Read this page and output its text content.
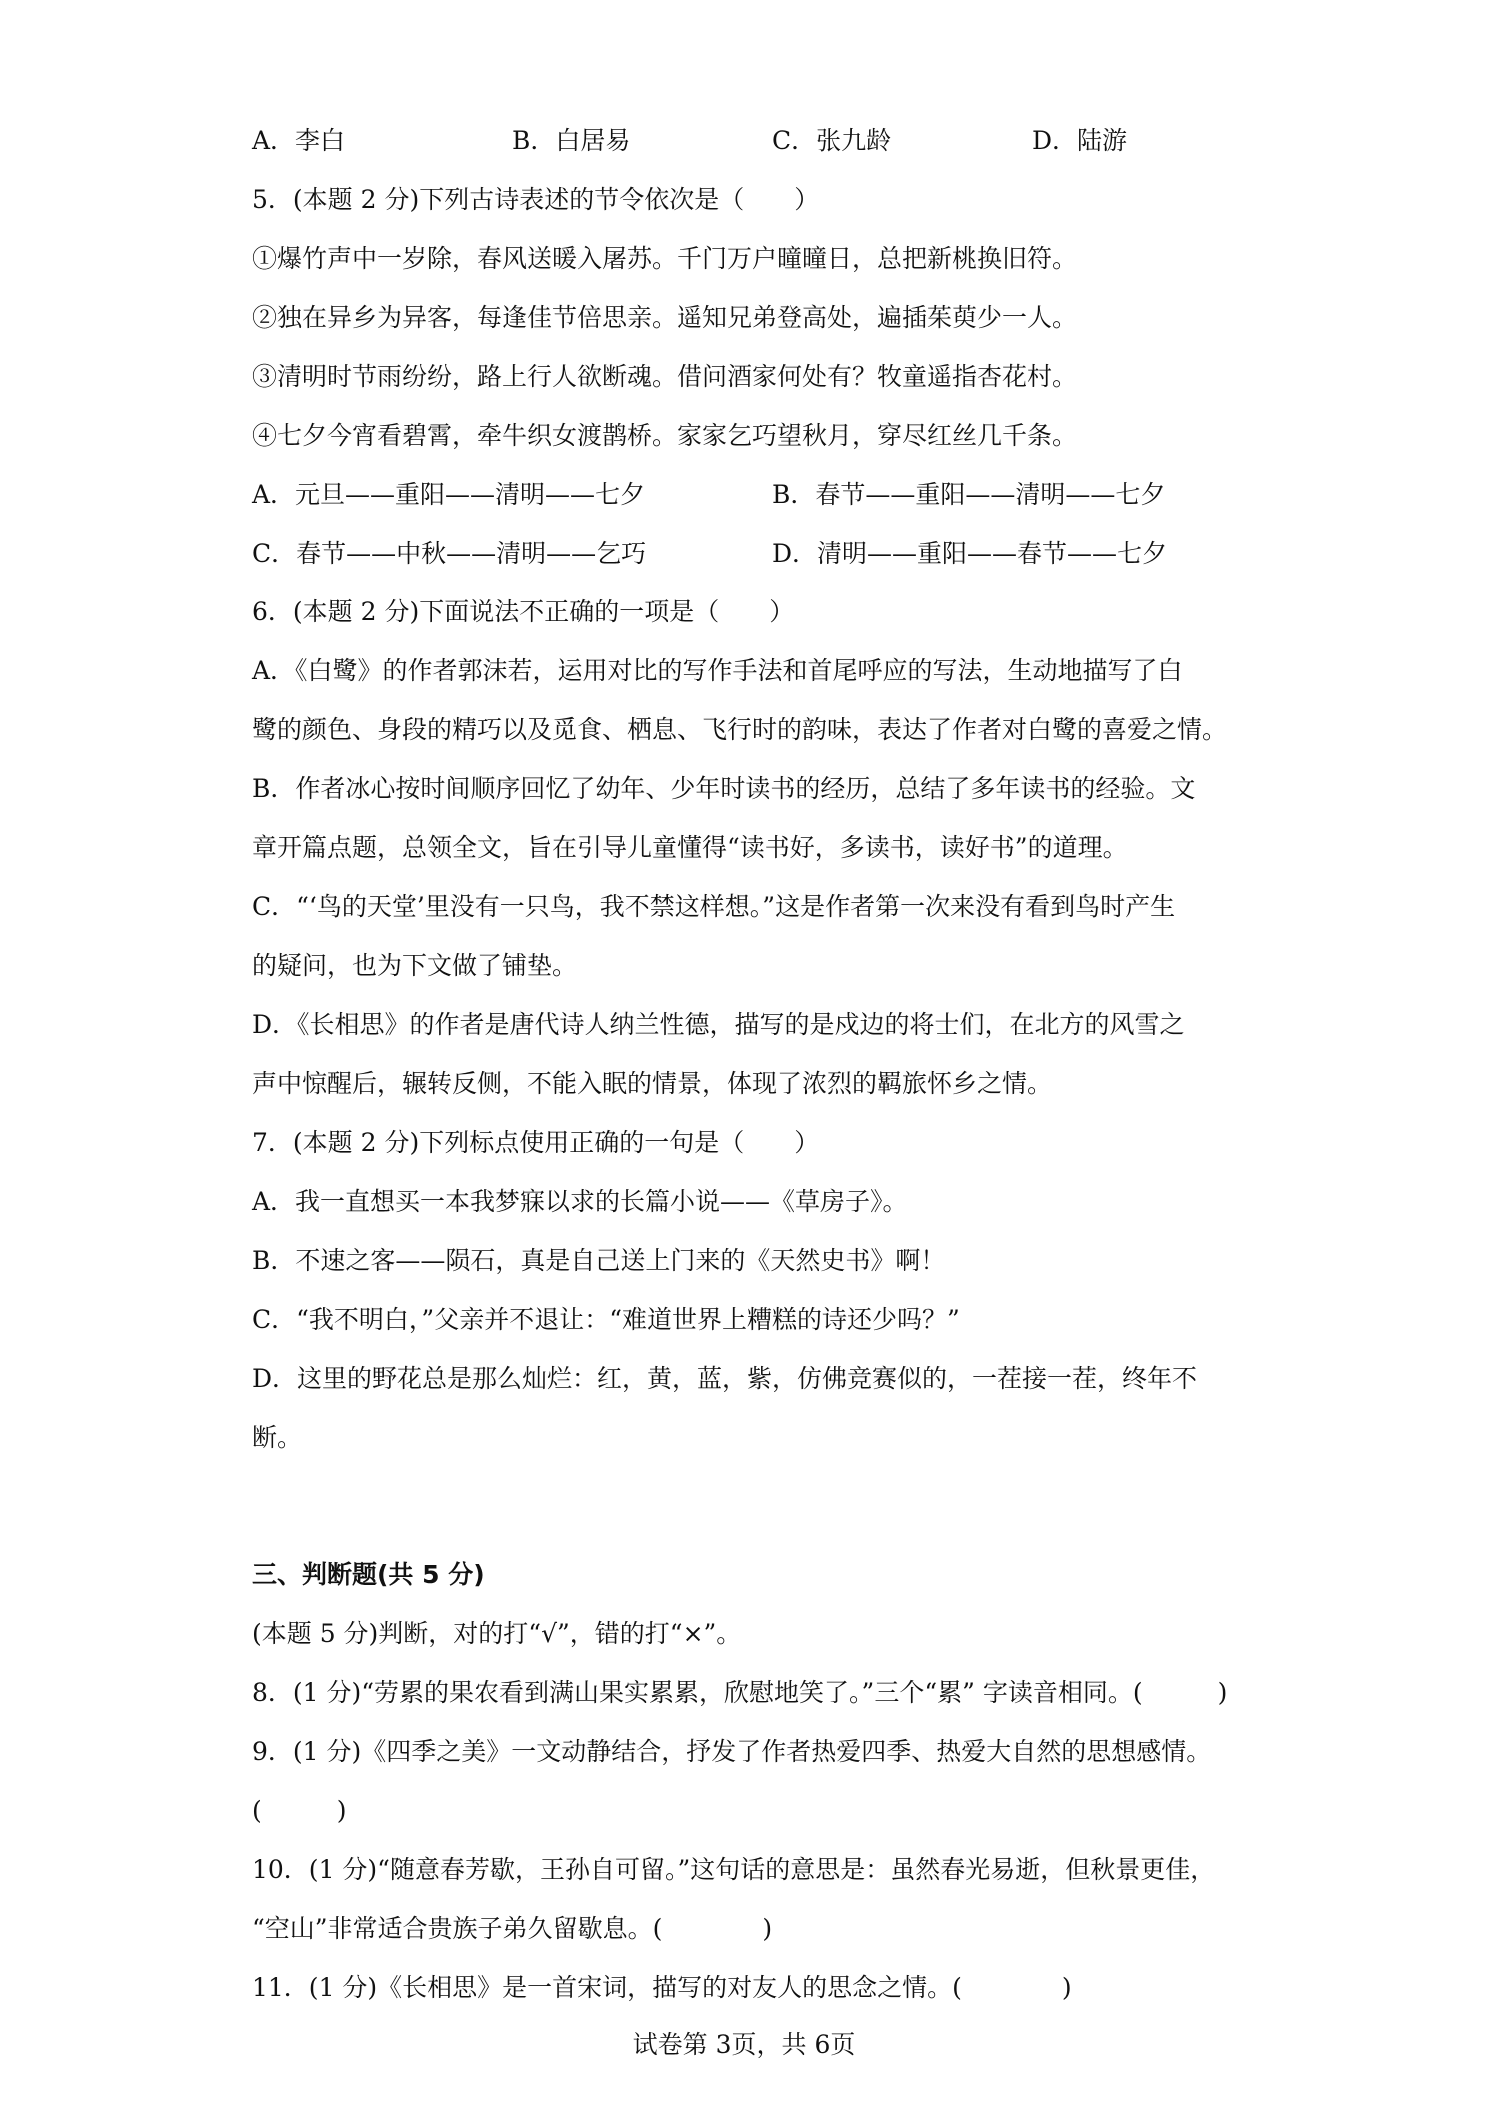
A．李白	B．白居易	C．张九龄	D．陆游
5．(本题 2 分)下列古诗表述的节令依次是（　　）
①爆竹声中一岁除，春风送暖入屠苏。千门万户曈曈日，总把新桃换旧符。
②独在异乡为异客，每逢佳节倍思亲。遥知兄弟登高处，遍插茱萸少一人。
③清明时节雨纷纷，路上行人欲断魂。借问酒家何处有？牧童遥指杏花村。
④七夕今宵看碧霄，牵牛织女渡鹊桥。家家乞巧望秋月，穿尽红丝几千条。
A．元旦——重阳——清明——七夕	B．春节——重阳——清明——七夕
C．春节——中秋——清明——乞巧	D．清明——重阳——春节——七夕
6．(本题 2 分)下面说法不正确的一项是（　　）
A．《白鹭》的作者郭沫若，运用对比的写作手法和首尾呼应的写法，生动地描写了白
鹭的颜色、身段的精巧以及觅食、栖息、飞行时的韵味，表达了作者对白鹭的喜爱之情。
B．作者冰心按时间顺序回忆了幼年、少年时读书的经历，总结了多年读书的经验。文
章开篇点题，总领全文，旨在引导儿童懂得“读书好，多读书，读好书”的道理。
C．“‘鸟的天堂’里没有一只鸟，我不禁这样想。”这是作者第一次来没有看到鸟时产生
的疑问，也为下文做了铺垫。
D．《长相思》的作者是唐代诗人纳兰性德，描写的是戍边的将士们，在北方的风雪之
声中惊醒后，辗转反侧，不能入眠的情景，体现了浓烈的羁旅怀乡之情。
7．(本题 2 分)下列标点使用正确的一句是（　　）
A．我一直想买一本我梦寐以求的长篇小说——《草房子》。
B．不速之客——陨石，真是自己送上门来的《天然史书》啊！
C．“我不明白，”父亲并不退让：“难道世界上糟糕的诗还少吗？”
D．这里的野花总是那么灿烂：红，黄，蓝，紫，仿佛竞赛似的，一茬接一茬，终年不
断。
三、判断题(共 5 分)
(本题 5 分)判断，对的打“√”，错的打“×”。
8．(1 分)“劳累的果农看到满山果实累累，欣慰地笑了。”三个“累” 字读音相同。(　　　)
9．(1 分)《四季之美》一文动静结合，抒发了作者热爱四季、热爱大自然的思想感情。
(　　　)
10．(1 分)“随意春芳歇，王孙自可留。”这句话的意思是：虽然春光易逝，但秋景更佳，
“空山”非常适合贵族子弟久留歇息。(　　　　)
11．(1 分)《长相思》是一首宋词，描写的对友人的思念之情。(　　　　)
试卷第 3页，共 6页
